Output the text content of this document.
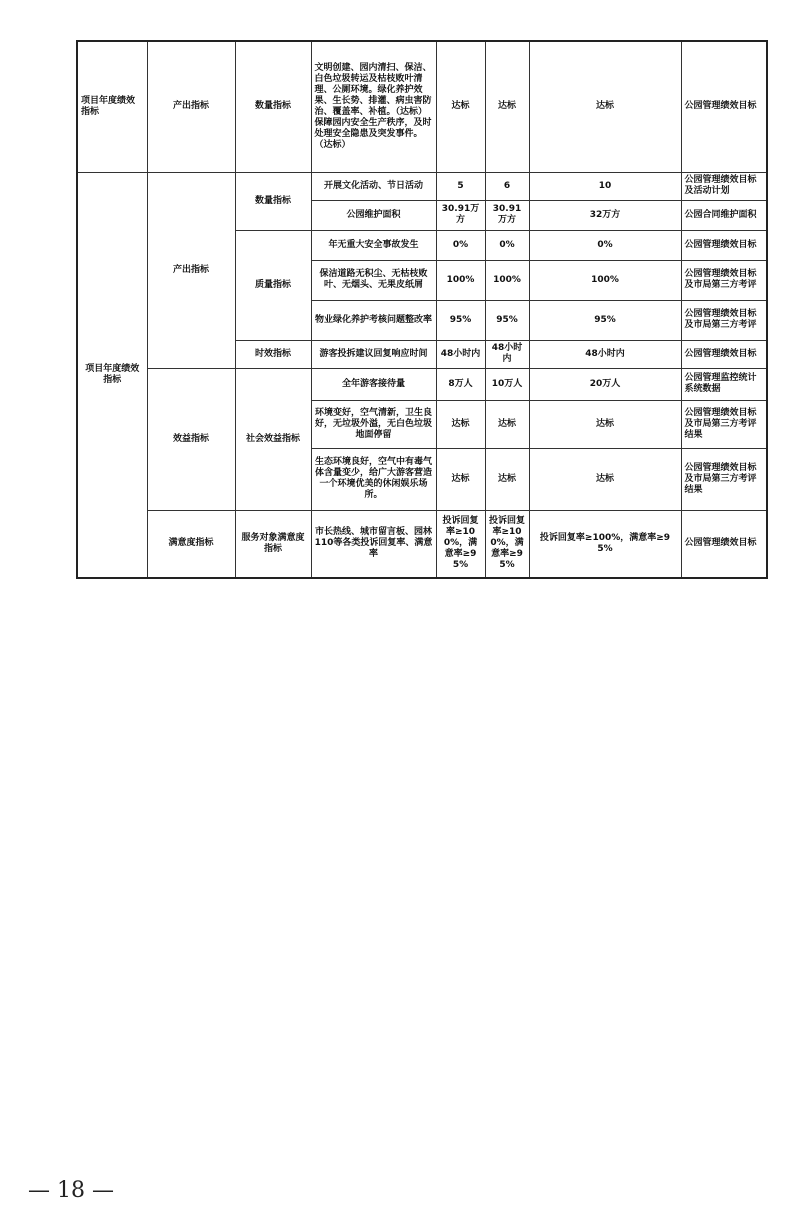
项目年度绩效指标	产出指标	数量指标	文明创建、园内清扫、保洁、白色垃圾转运及枯枝败叶清理、公厕环境。绿化养护效果、生长势、排灌、病虫害防治、覆盖率、补植。（达标）保障园内安全生产秩序，及时处理安全隐患及突发事件。（达标）	达标	达标	达标	公园管理绩效目标
项目年度绩效指标	产出指标	数量指标	开展文化活动、节日活动	5	6	10	公园管理绩效目标及活动计划
			公园维护面积	30.91万方	30.91万方	32万方	公园合同维护面积
		质量指标	年无重大安全事故发生	0%	0%	0%	公园管理绩效目标
			保洁道路无积尘、无枯枝败叶、无烟头、无果皮纸屑	100%	100%	100%	公园管理绩效目标及市局第三方考评
			物业绿化养护考核问题整改率	95%	95%	95%	公园管理绩效目标及市局第三方考评
		时效指标	游客投拆建议回复响应时间	48小时内	48小时内	48小时内	公园管理绩效目标
	效益指标	社会效益指标	全年游客接待量	8万人	10万人	20万人	公园管理监控统计系统数据
			环境变好，空气清新，卫生良好，无垃圾外溢，无白色垃圾地面停留	达标	达标	达标	公园管理绩效目标及市局第三方考评结果
			生态环境良好，空气中有毒气体含量变少，给广大游客营造一个环境优美的休闲娱乐场所。	达标	达标	达标	公园管理绩效目标及市局第三方考评结果
	满意度指标	服务对象满意度指标	市长热线、城市留言板、园林110等各类投诉回复率、满意率	投诉回复率≥100%，满意率≥95%	投诉回复率≥100%，满意率≥95%	投诉回复率≥100%，满意率≥95%	公园管理绩效目标
— 18 —
